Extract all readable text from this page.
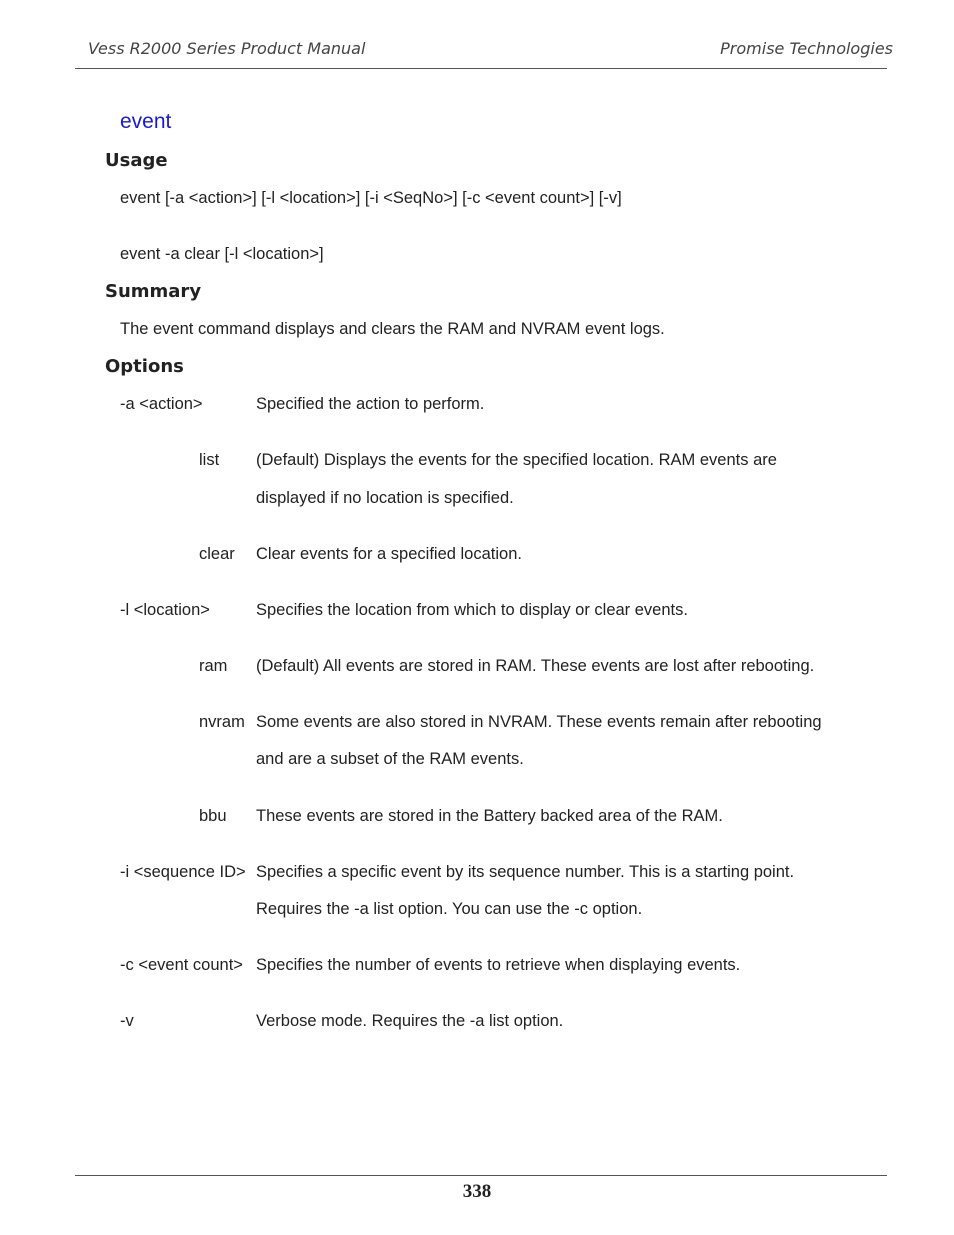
Vess R2000 Series Product Manual	Promise Technologies
event
Usage
event [-a <action>] [-l <location>] [-i <SeqNo>] [-c <event count>] [-v]
event -a clear [-l <location>]
Summary
The event command displays and clears the RAM and NVRAM event logs.
Options
-a <action>	Specified the action to perform.
list (Default) Displays the events for the specified location. RAM events are
displayed if no location is specified.
clear Clear events for a specified location.
-l <location>	Specifies the location from which to display or clear events.
ram (Default) All events are stored in RAM. These events are lost after rebooting.
nvram Some events are also stored in NVRAM. These events remain after rebooting
and are a subset of the RAM events.
bbu These events are stored in the Battery backed area of the RAM.
-i <sequence ID> Specifies a specific event by its sequence number. This is a starting point.
Requires the -a list option. You can use the -c option.
-c <event count> Specifies the number of events to retrieve when displaying events.
-v	Verbose mode. Requires the -a list option.
338
